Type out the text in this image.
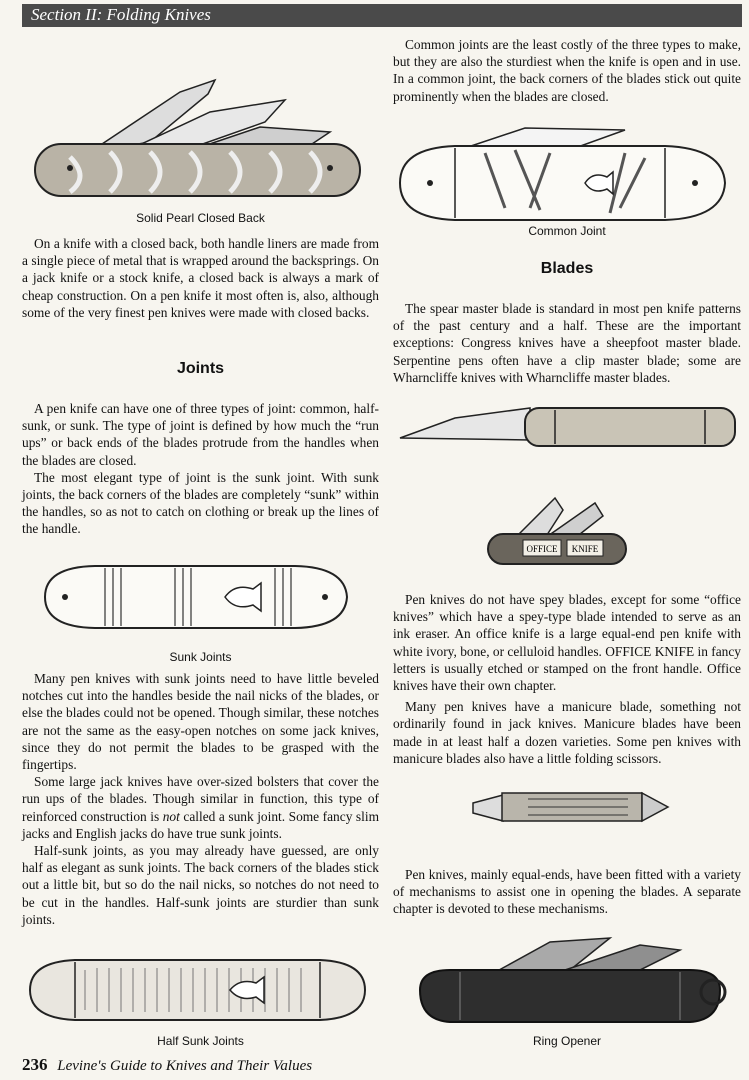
Section II: Folding Knives
Solid Pearl Closed Back

On a knife with a closed back, both handle liners are made from a single piece of metal that is wrapped around the backsprings. On a jack knife or a stock knife, a closed back is always a mark of cheap construction. On a pen knife it most often is, also, although some of the very finest pen knives were made with closed backs.

Joints

A pen knife can have one of three types of joint: common, half-sunk, or sunk. The type of joint is defined by how much the “run ups” or back ends of the blades protrude from the handles when the blades are closed.

The most elegant type of joint is the sunk joint. With sunk joints, the back corners of the blades are completely “sunk” within the handles, so as not to catch on clothing or break up the lines of the handle.

Sunk Joints

Many pen knives with sunk joints need to have little beveled notches cut into the handles beside the nail nicks of the blades, or else the blades could not be opened. Though similar, these notches are not the same as the easy-open notches on some jack knives, since they do not permit the blades to be grasped with the fingertips.

Some large jack knives have over-sized bolsters that cover the run ups of the blades. Though similar in function, this type of reinforced construction is not called a sunk joint. Some fancy slim jacks and English jacks do have true sunk joints.

Half-sunk joints, as you may already have guessed, are only half as elegant as sunk joints. The back corners of the blades stick out a little bit, but so do the nail nicks, so notches do not need to be cut in the handles. Half-sunk joints are sturdier than sunk joints.

Half Sunk Joints

Common joints are the least costly of the three types to make, but they are also the sturdiest when the knife is open and in use. In a common joint, the back corners of the blades stick out quite prominently when the blades are closed.

Common Joint
Blades

The spear master blade is standard in most pen knife patterns of the past century and a half. These are the important exceptions: Congress knives have a sheepfoot master blade. Serpentine pens often have a clip master blade; some are Wharncliffe knives with Wharncliffe master blades.

OFFICE KNIFE

Pen knives do not have spey blades, except for some “office knives” which have a spey-type blade intended to serve as an ink eraser. An office knife is a large equal-end pen knife with white ivory, bone, or celluloid handles. OFFICE KNIFE in fancy letters is usually etched or stamped on the front handle. Office knives have their own chapter.

Many pen knives have a manicure blade, something not ordinarily found in jack knives. Manicure blades have been made in at least half a dozen varieties. Some pen knives with manicure blades also have a little folding scissors.

Pen knives, mainly equal-ends, have been fitted with a variety of mechanisms to assist one in opening the blades. A separate chapter is devoted to these mechanisms.

Ring Opener
236 Levine's Guide to Knives and Their Values
